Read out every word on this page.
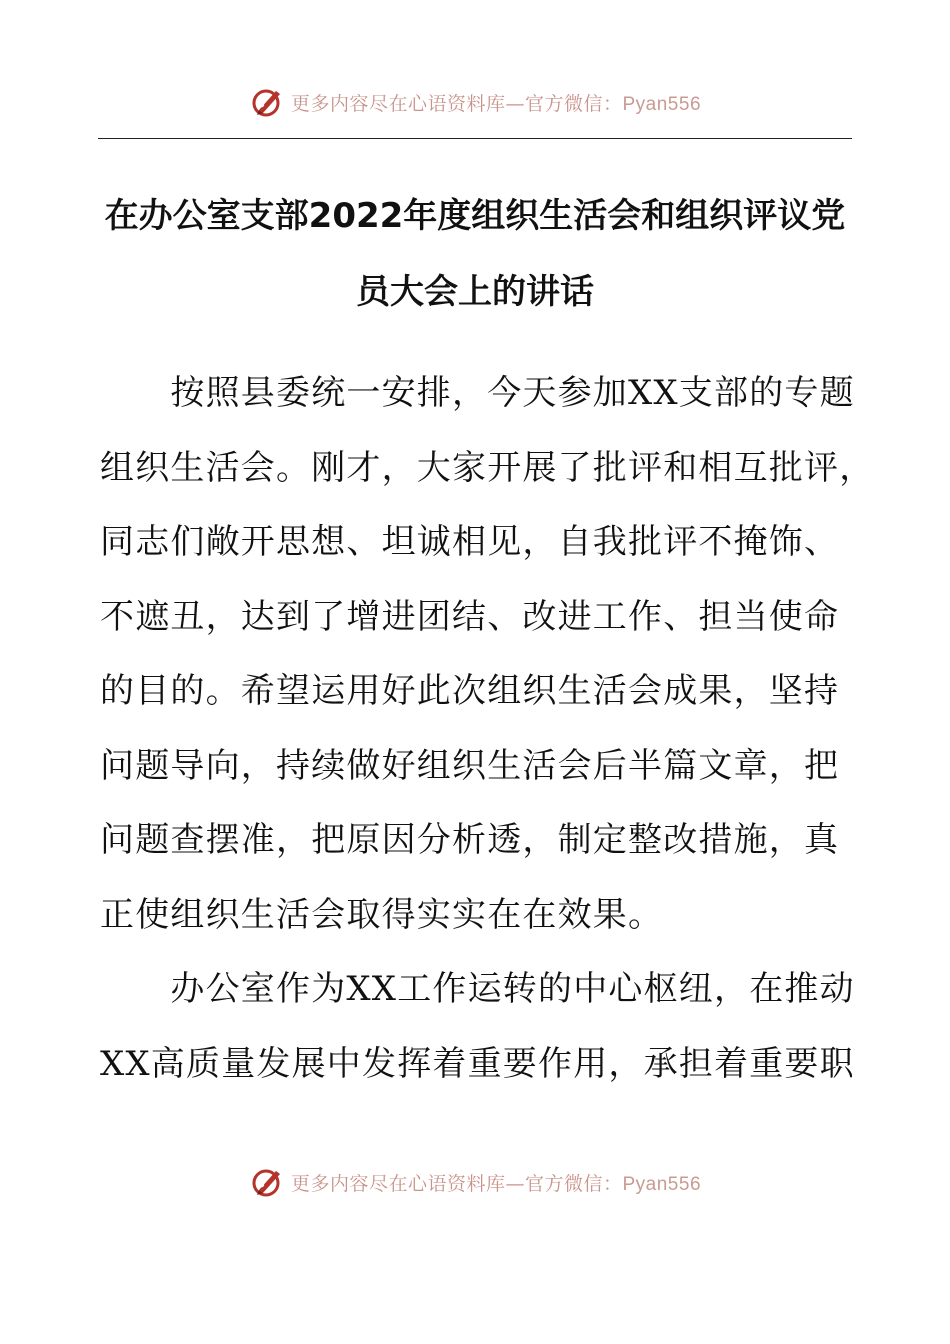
更多内容尽在心语资料库—官方微信：Pyan556
在办公室支部2022年度组织生活会和组织评议党
员大会上的讲话

　　按照县委统一安排，今天参加XX支部的专题
组织生活会。刚才，大家开展了批评和相互批评，
同志们敞开思想、坦诚相见，自我批评不掩饰、
不遮丑，达到了增进团结、改进工作、担当使命
的目的。希望运用好此次组织生活会成果，坚持
问题导向，持续做好组织生活会后半篇文章，把
问题查摆准，把原因分析透，制定整改措施，真
正使组织生活会取得实实在在效果。

　　办公室作为XX工作运转的中心枢纽，在推动
XX高质量发展中发挥着重要作用，承担着重要职

更多内容尽在心语资料库—官方微信：Pyan556
